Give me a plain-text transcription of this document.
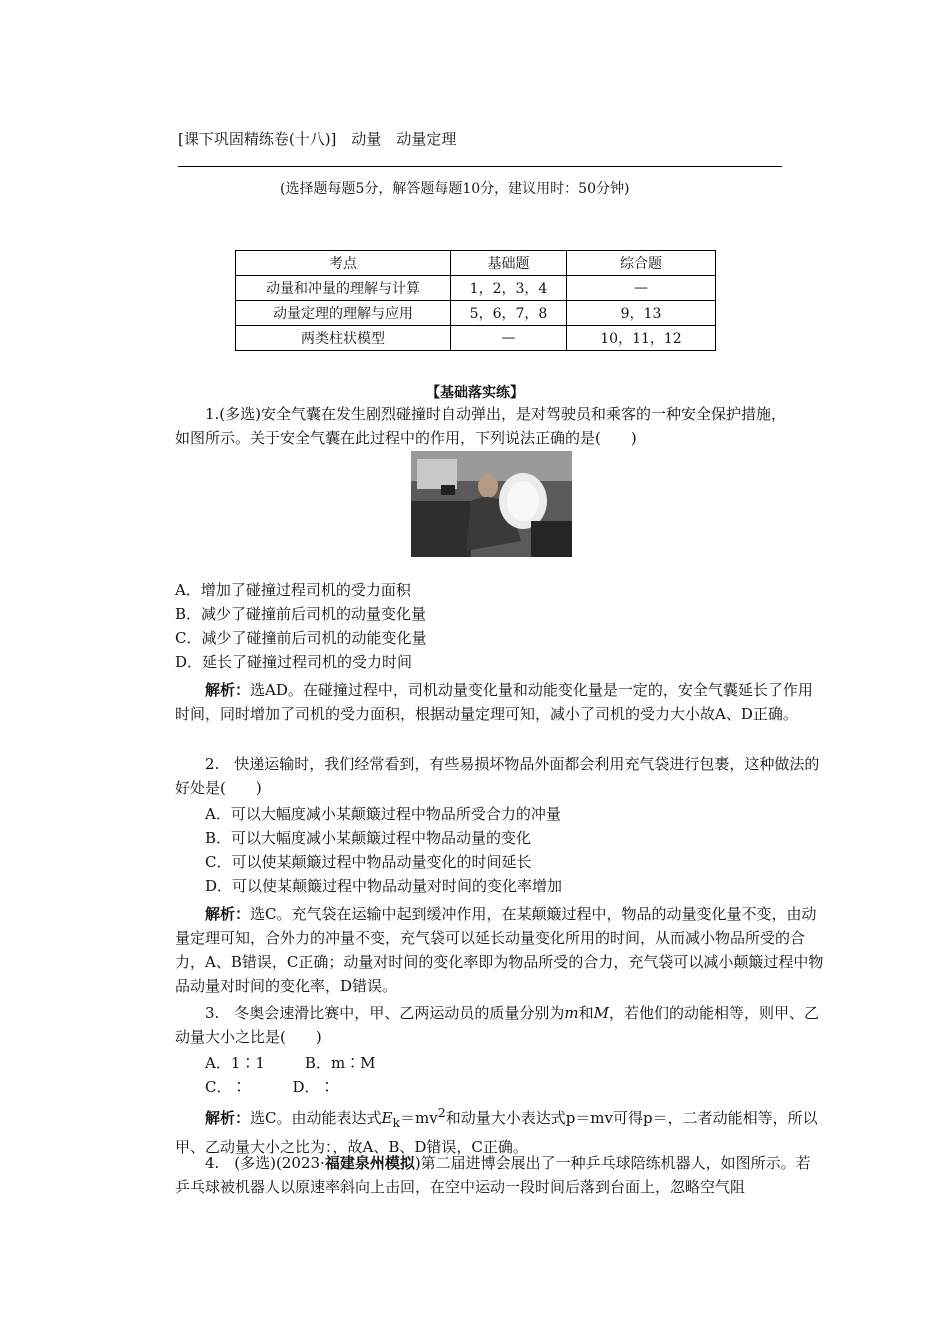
[课下巩固精练卷(十八)]　动量　动量定理
(选择题每题5分，解答题每题10分，建议用时：50分钟)
考点	基础题	综合题
动量和冲量的理解与计算	1，2，3，4	—
动量定理的理解与应用	5，6，7，8	9，13
两类柱状模型	—	10，11，12
【基础落实练】
1.(多选)安全气囊在发生剧烈碰撞时自动弹出，是对驾驶员和乘客的一种安全保护措施，
如图所示。关于安全气囊在此过程中的作用，下列说法正确的是(　　)
A．增加了碰撞过程司机的受力面积
B．减少了碰撞前后司机的动量变化量
C．减少了碰撞前后司机的动能变化量
D．延长了碰撞过程司机的受力时间
解析：选AD。在碰撞过程中，司机动量变化量和动能变化量是一定的，安全气囊延长了作用时间，同时增加了司机的受力面积，根据动量定理可知，减小了司机的受力大小故A、D正确。
2.　快递运输时，我们经常看到，有些易损坏物品外面都会利用充气袋进行包裹，这种做法的好处是(　　)
A．可以大幅度减小某颠簸过程中物品所受合力的冲量
B．可以大幅度减小某颠簸过程中物品动量的变化
C．可以使某颠簸过程中物品动量变化的时间延长
D．可以使某颠簸过程中物品动量对时间的变化率增加
解析：选C。充气袋在运输中起到缓冲作用，在某颠簸过程中，物品的动量变化量不变，由动量定理可知，合外力的冲量不变，充气袋可以延长动量变化所用的时间，从而减小物品所受的合力，A、B错误，C正确；动量对时间的变化率即为物品所受的合力，充气袋可以减小颠簸过程中物品动量对时间的变化率，D错误。
3.　冬奥会速滑比赛中，甲、乙两运动员的质量分别为m和M，若他们的动能相等，则甲、乙动量大小之比是(　　)
A．1∶1	B．m∶M
C．∶	D．∶
解析：选C。由动能表达式$E_k=mv^2$和动量大小表达式p＝mv可得p＝，二者动能相等，所以甲、乙动量大小之比为：，故A、B、D错误，C正确。
4.　(多选)(2023·福建泉州模拟)第二届进博会展出了一种乒乓球陪练机器人，如图所示。若乒乓球被机器人以原速率斜向上击回，在空中运动一段时间后落到台面上，忽略空气阻
